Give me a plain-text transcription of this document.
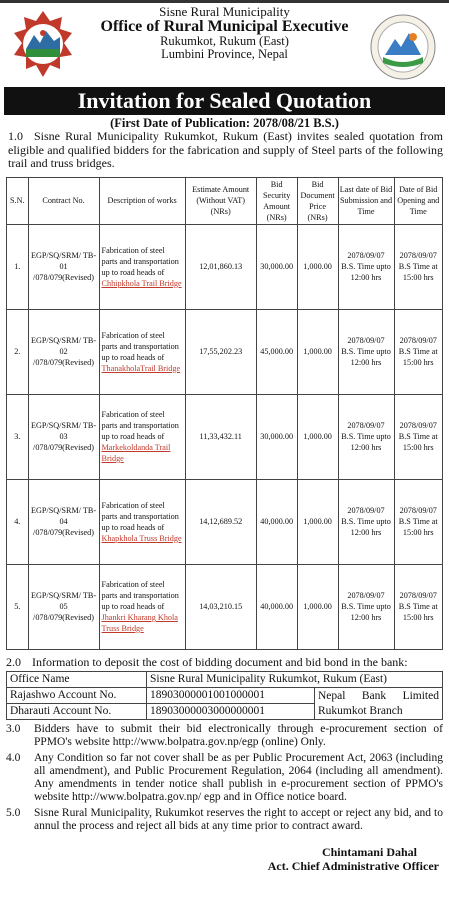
Sisne Rural Municipality
Office of Rural Municipal Executive
Rukumkot, Rukum (East)
Lumbini Province, Nepal
Invitation for Sealed Quotation
(First Date of Publication: 2078/08/21 B.S.)
1.0 Sisne Rural Municipality Rukumkot, Rukum (East) invites sealed quotation from eligible and qualified bidders for the fabrication and supply of Steel parts of the following trail and truss bridges.
S.N.	Contract No.	Description of works	Estimate Amount (Without VAT) (NRs)	Bid Security Amount (NRs)	Bid Document Price (NRs)	Last date of Bid Submission and Time	Date of Bid Opening and Time
1.	EGP/SQ/SRM/ TB-01 /078/079(Revised)	Fabrication of steel parts and transportation up to road heads of Chhipkhola Trail Bridge	12,01,860.13	30,000.00	1,000.00	2078/09/07 B.S. Time upto 12:00 hrs	2078/09/07 B.S Time at 15:00 hrs
2.	EGP/SQ/SRM/ TB-02 /078/079(Revised)	Fabrication of steel parts and transportation up to road heads of ThanakholaTrail Bridge	17,55,202.23	45,000.00	1,000.00	2078/09/07 B.S. Time upto 12:00 hrs	2078/09/07 B.S Time at 15:00 hrs
3.	EGP/SQ/SRM/ TB-03 /078/079(Revised)	Fabrication of steel parts and transportation up to road heads of Markekoldanda Trail Bridge	11,33,432.11	30,000.00	1,000.00	2078/09/07 B.S. Time upto 12:00 hrs	2078/09/07 B.S Time at 15:00 hrs
4.	EGP/SQ/SRM/ TB-04 /078/079(Revised)	Fabrication of steel parts and transportation up to road heads of Khapkhola Truss Bridge	14,12,689.52	40,000.00	1,000.00	2078/09/07 B.S. Time upto 12:00 hrs	2078/09/07 B.S Time at 15:00 hrs
5.	EGP/SQ/SRM/ TB-05 /078/079(Revised)	Fabrication of steel parts and transportation up to road heads of Jhankri Kharang Khola Truss Bridge	14,03,210.15	40,000.00	1,000.00	2078/09/07 B.S. Time upto 12:00 hrs	2078/09/07 B.S Time at 15:00 hrs
2.0 Information to deposit the cost of bidding document and bid bond in the bank:
Office Name	Sisne Rural Municipality Rukumkot, Rukum (East)	
Rajashwo Account No.	18903000001001000001	Nepal Bank Limited Rukumkot Branch
Dharauti Account No.	18903000003000000001	
3.0	Bidders have to submit their bid electronically through e-procurement section of PPMO's website http://www.bolpatra.gov.np/egp (online) Only.
4.0	Any Condition so far not cover shall be as per Public Procurement Act, 2063 (including all amendment), and Public Procurement Regulation, 2064 (including all amendment). Any amendments in tender notice shall publish in e-procurement section of PPMO's website http://www.bolpatra.gov.np/ egp and in Office notice board.
5.0	Sisne Rural Municipality, Rukumkot reserves the right to accept or reject any bid, and to annul the process and reject all bids at any time prior to contract award.
Chintamani Dahal
Act. Chief Administrative Officer
